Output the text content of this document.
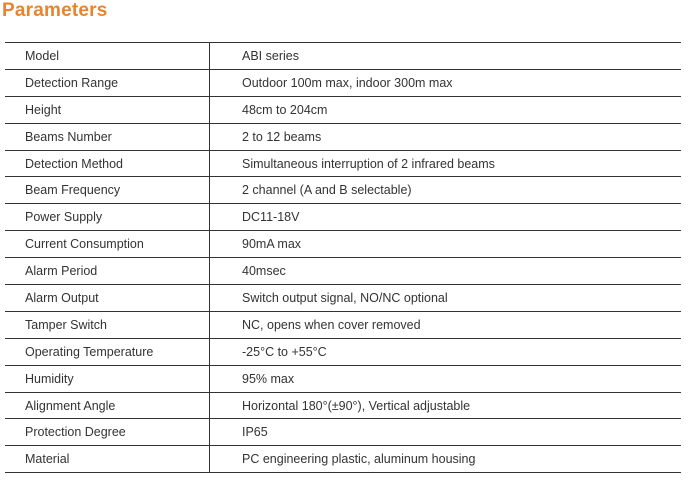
Parameters
Model	ABI series
Detection Range	Outdoor 100m max, indoor 300m max
Height	48cm to 204cm
Beams Number	2 to 12 beams
Detection Method	Simultaneous interruption of 2 infrared beams
Beam Frequency	2 channel (A and B selectable)
Power Supply	DC11-18V
Current Consumption	90mA max
Alarm Period	40msec
Alarm Output	Switch output signal, NO/NC optional
Tamper Switch	NC, opens when cover removed
Operating Temperature	-25°C to +55°C
Humidity	95% max
Alignment Angle	Horizontal 180°(±90°), Vertical adjustable
Protection Degree	IP65
Material	PC engineering plastic, aluminum housing
